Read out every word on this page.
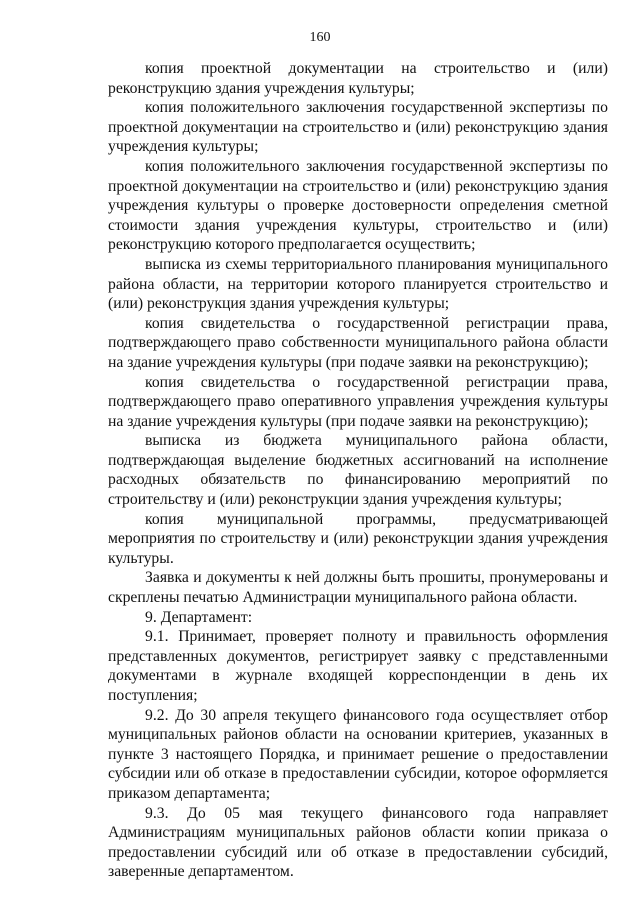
160

копия проектной документации на строительство и (или) реконструкцию здания учреждения культуры;

копия положительного заключения государственной экспертизы по проектной документации на строительство и (или) реконструкцию здания учреждения культуры;

копия положительного заключения государственной экспертизы по проектной документации на строительство и (или) реконструкцию здания учреждения культуры о проверке достоверности определения сметной стоимости здания учреждения культуры, строительство и (или) реконструкцию которого предполагается осуществить;

выписка из схемы территориального планирования муниципального района области, на территории которого планируется строительство и (или) реконструкция здания учреждения культуры;

копия свидетельства о государственной регистрации права, подтверждающего право собственности муниципального района области на здание учреждения культуры (при подаче заявки на реконструкцию);

копия свидетельства о государственной регистрации права, подтверждающего право оперативного управления учреждения культуры на здание учреждения культуры (при подаче заявки на реконструкцию);

выписка из бюджета муниципального района области, подтверждающая выделение бюджетных ассигнований на исполнение расходных обязательств по финансированию мероприятий по строительству и (или) реконструкции здания учреждения культуры;

копия муниципальной программы, предусматривающей мероприятия по строительству и (или) реконструкции здания учреждения культуры.

Заявка и документы к ней должны быть прошиты, пронумерованы и скреплены печатью Администрации муниципального района области.

9. Департамент:

9.1. Принимает, проверяет полноту и правильность оформления представленных документов, регистрирует заявку с представленными документами в журнале входящей корреспонденции в день их поступления;

9.2. До 30 апреля текущего финансового года осуществляет отбор муниципальных районов области на основании критериев, указанных в пункте 3 настоящего Порядка, и принимает решение о предоставлении субсидии или об отказе в предоставлении субсидии, которое оформляется приказом департамента;

9.3. До 05 мая текущего финансового года направляет Администрациям муниципальных районов области копии приказа о предоставлении субсидий или об отказе в предоставлении субсидий, заверенные департаментом.
